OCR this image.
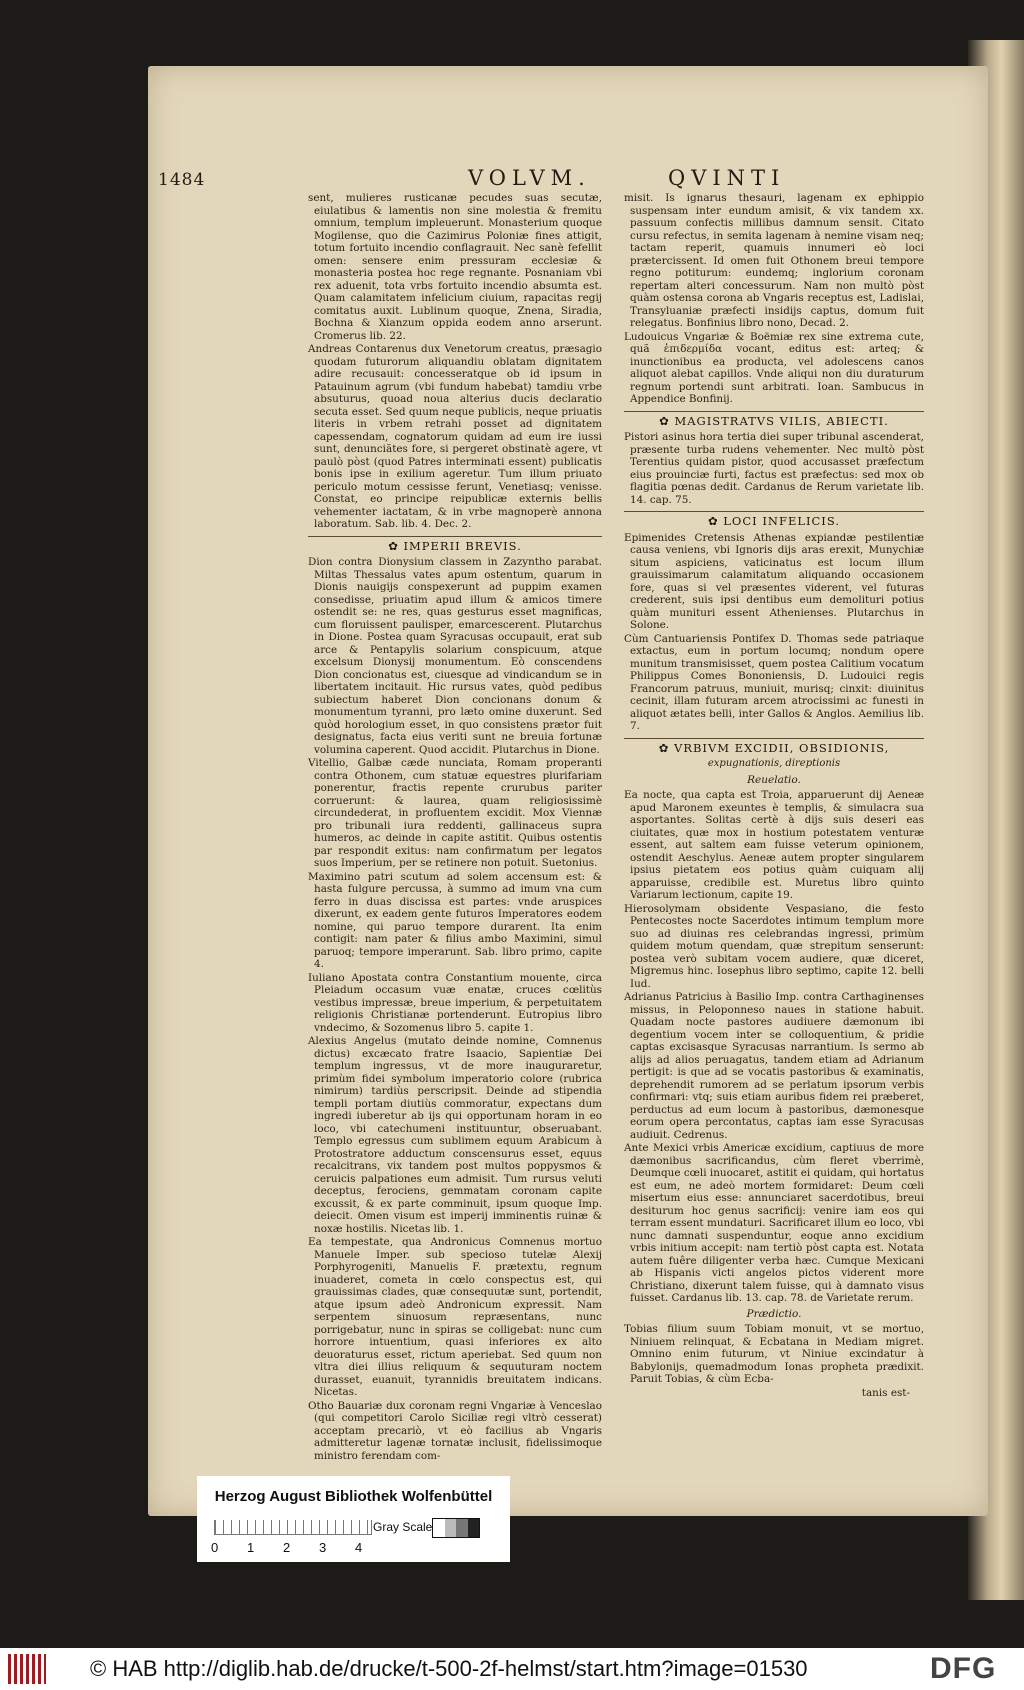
1484	VOLVM.	QVINTI

sent, mulieres rusticanæ pecudes suas secutæ, eiulatibus & lamentis non sine molestia & fremitu omnium, templum impleuerunt. Monasterium quoque Mogilense, quo die Cazimirus Poloniæ fines attigit, totum fortuito incendio conflagrauit. Nec sanè fefellit omen: sensere enim pressuram ecclesiæ & monasteria postea hoc rege regnante. Posnaniam vbi rex aduenit, tota vrbs fortuito incendio absumta est. Quam calamitatem infelicium ciuium, rapacitas regij comitatus auxit. Lublinum quoque, Znena, Siradia, Bochna & Xianzum oppida eodem anno arserunt. Cromerus lib. 22.

Andreas Contarenus dux Venetorum creatus, præsagio quodam futurorum aliquandiu oblatam dignitatem adire recusauit: concesseratque ob id ipsum in Patauinum agrum (vbi fundum habebat) tamdiu vrbe absuturus, quoad noua alterius ducis declaratio secuta esset. Sed quum neque publicis, neque priuatis literis in vrbem retrahi posset ad dignitatem capessendam, cognatorum quidam ad eum ire iussi sunt, denunciãtes fore, si pergeret obstinatè agere, vt paulò pòst (quod Patres interminati essent) publicatis bonis ipse in exilium ageretur. Tum illum priuato periculo motum cessisse ferunt, Venetiasq; venisse. Constat, eo principe reipublicæ externis bellis vehementer iactatam, & in vrbe magnoperè annona laboratum. Sab. lib. 4. Dec. 2.

✿ IMPERII BREVIS.

Dion contra Dionysium classem in Zazyntho parabat. Miltas Thessalus vates apum ostentum, quarum in Dionis nauigijs conspexerunt ad puppim examen consedisse, priuatim apud illum & amicos timere ostendit se: ne res, quas gesturus esset magnificas, cum floruissent paulisper, emarcescerent. Plutarchus in Dione. Postea quam Syracusas occupauit, erat sub arce & Pentapylis solarium conspicuum, atque excelsum Dionysij monumentum. Eò conscendens Dion concionatus est, ciuesque ad vindicandum se in libertatem incitauit. Hic rursus vates, quòd pedibus subiectum haberet Dion concionans donum & monumentum tyranni, pro læto omine duxerunt. Sed quòd horologium esset, in quo consistens prætor fuit designatus, facta eius veriti sunt ne breuia fortunæ volumina caperent. Quod accidit. Plutarchus in Dione.

Vitellio, Galbæ cæde nunciata, Romam properanti contra Othonem, cum statuæ equestres plurifariam ponerentur, fractis repente crurubus pariter corruerunt: & laurea, quam religiosissimè circundederat, in profluentem excidit. Mox Viennæ pro tribunali iura reddenti, gallinaceus supra humeros, ac deinde in capite astitit. Quibus ostentis par respondit exitus: nam confirmatum per legatos suos Imperium, per se retinere non potuit. Suetonius.

Maximino patri scutum ad solem accensum est: & hasta fulgure percussa, à summo ad imum vna cum ferro in duas discissa est partes: vnde aruspices dixerunt, ex eadem gente futuros Imperatores eodem nomine, qui paruo tempore durarent. Ita enim contigit: nam pater & filius ambo Maximini, simul paruoq; tempore imperarunt. Sab. libro primo, capite 4.

Iuliano Apostata contra Constantium mouente, circa Pleiadum occasum vuæ enatæ, cruces cœlitùs vestibus impressæ, breue imperium, & perpetuitatem religionis Christianæ portenderunt. Eutropius libro vndecimo, & Sozomenus libro 5. capite 1.

Alexius Angelus (mutato deinde nomine, Comnenus dictus) excæcato fratre Isaacio, Sapientiæ Dei templum ingressus, vt de more inauguraretur, primùm fidei symbolum imperatorio colore (rubrica nimirum) tardiùs perscripsit. Deinde ad stipendia templi portam diutiùs commoratur, expectans dum ingredi iuberetur ab ijs qui opportunam horam in eo loco, vbi catechumeni instituuntur, obseruabant. Templo egressus cum sublimem equum Arabicum à Protostratore adductum conscensurus esset, equus recalcitrans, vix tandem post multos poppysmos & ceruicis palpationes eum admisit. Tum rursus veluti deceptus, ferociens, gemmatam coronam capite excussit, & ex parte comminuit, ipsum quoque Imp. deiecit. Omen visum est imperij imminentis ruinæ & noxæ hostilis. Nicetas lib. 1.

Ea tempestate, qua Andronicus Comnenus mortuo Manuele Imper. sub specioso tutelæ Alexij Porphyrogeniti, Manuelis F. prætextu, regnum inuaderet, cometa in cœlo conspectus est, qui grauissimas clades, quæ consequutæ sunt, portendit, atque ipsum adeò Andronicum expressit. Nam serpentem sinuosum repræsentans, nunc porrigebatur, nunc in spiras se colligebat: nunc cum horrore intuentium, quasi inferiores ex alto deuoraturus esset, rictum aperiebat. Sed quum non vltra diei illius reliquum & sequuturam noctem durasset, euanuit, tyrannidis breuitatem indicans. Nicetas.

Otho Bauariæ dux coronam regni Vngariæ à Venceslao (qui competitori Carolo Siciliæ regi vltrò cesserat) acceptam precariò, vt eò facilius ab Vngaris admitteretur lagenæ tornatæ inclusit, fidelissimoque ministro ferendam com-

misit. Is ignarus thesauri, lagenam ex ephippio suspensam inter eundum amisit, & vix tandem xx. passuum confectis millibus damnum sensit. Citato cursu refectus, in semita lagenam à nemine visam neq; tactam reperit, quamuis innumeri eò loci prætercissent. Id omen fuit Othonem breui tempore regno potiturum: eundemq; inglorium coronam repertam alteri concessurum. Nam non multò pòst quàm ostensa corona ab Vngaris receptus est, Ladislai, Transyluaniæ præfecti insidijs captus, domum fuit relegatus. Bonfinius libro nono, Decad. 2.

Ludouicus Vngariæ & Boëmiæ rex sine extrema cute, quã ἐπιδερμίδα vocant, editus est: arteq; & inunctionibus ea producta, vel adolescens canos aliquot alebat capillos. Vnde aliqui non diu duraturum regnum portendi sunt arbitrati. Ioan. Sambucus in Appendice Bonfinij.

✿ MAGISTRATVS VILIS, ABIECTI.

Pistori asinus hora tertia diei super tribunal ascenderat, præsente turba rudens vehementer. Nec multò pòst Terentius quidam pistor, quod accusasset præfectum eius prouinciæ furti, factus est præfectus: sed mox ob flagitia pœnas dedit. Cardanus de Rerum varietate lib. 14. cap. 75.

✿ LOCI INFELICIS.

Epimenides Cretensis Athenas expiandæ pestilentiæ causa veniens, vbi Ignoris dijs aras erexit, Munychiæ situm aspiciens, vaticinatus est locum illum grauissimarum calamitatum aliquando occasionem fore, quas si vel præsentes viderent, vel futuras crederent, suis ipsi dentibus eum demolituri potius quàm munituri essent Athenienses. Plutarchus in Solone.

Cùm Cantuariensis Pontifex D. Thomas sede patriaque extactus, eum in portum locumq; nondum opere munitum transmisisset, quem postea Calitium vocatum Philippus Comes Bononiensis, D. Ludouici regis Francorum patruus, muniuit, murisq; cinxit: diuinitus cecinit, illam futuram arcem atrocissimi ac funesti in aliquot ætates belli, inter Gallos & Anglos. Aemilius lib. 7.

✿ VRBIVM EXCIDII, OBSIDIONIS,
expugnationis, direptionis
Reuelatio.

Ea nocte, qua capta est Troia, apparuerunt dij Aeneæ apud Maronem exeuntes è templis, & simulacra sua asportantes. Solitas certè à dijs suis deseri eas ciuitates, quæ mox in hostium potestatem venturæ essent, aut saltem eam fuisse veterum opinionem, ostendit Aeschylus. Aeneæ autem propter singularem ipsius pietatem eos potius quàm cuiquam alij apparuisse, credibile est. Muretus libro quinto Variarum lectionum, capite 19.

Hierosolymam obsidente Vespasiano, die festo Pentecostes nocte Sacerdotes intimum templum more suo ad diuinas res celebrandas ingressi, primùm quidem motum quendam, quæ strepitum senserunt: postea verò subitam vocem audiere, quæ diceret, Migremus hinc. Iosephus libro septimo, capite 12. belli Iud.

Adrianus Patricius à Basilio Imp. contra Carthaginenses missus, in Peloponneso naues in statione habuit. Quadam nocte pastores audiuere dæmonum ibi degentium vocem inter se colloquentium, & pridie captas excisasque Syracusas narrantium. Is sermo ab alijs ad alios peruagatus, tandem etiam ad Adrianum pertigit: is que ad se vocatis pastoribus & examinatis, deprehendit rumorem ad se perlatum ipsorum verbis confirmari: vtq; suis etiam auribus fidem rei præberet, perductus ad eum locum à pastoribus, dæmonesque eorum opera percontatus, captas iam esse Syracusas audiuit. Cedrenus.

Ante Mexici vrbis Americæ excidium, captiuus de more dæmonibus sacrificandus, cùm fleret vberrimè, Deumque cœli inuocaret, astitit ei quidam, qui hortatus est eum, ne adeò mortem formidaret: Deum cœli misertum eius esse: annunciaret sacerdotibus, breui desiturum hoc genus sacrificij: venire iam eos qui terram essent mundaturi. Sacrificaret illum eo loco, vbi nunc damnati suspenduntur, eoque anno excidium vrbis initium accepit: nam tertiò pòst capta est. Notata autem fuêre diligenter verba hæc. Cumque Mexicani ab Hispanis victi angelos pictos viderent more Christiano, dixerunt talem fuisse, qui à damnato visus fuisset. Cardanus lib. 13. cap. 78. de Varietate rerum.

Prædictio.

Tobias filium suum Tobiam monuit, vt se mortuo, Niniuem relinquat, & Ecbatana in Mediam migret. Omnino enim futurum, vt Niniue excindatur à Babylonijs, quemadmodum Ionas propheta prædixit. Paruit Tobias, & cùm Ecba-

tanis est-
Herzog August Bibliothek Wolfenbüttel
Gray Scale
0 1 2 3 4
© HAB http://diglib.hab.de/drucke/t-500-2f-helmst/start.htm?image=01530	DFG
